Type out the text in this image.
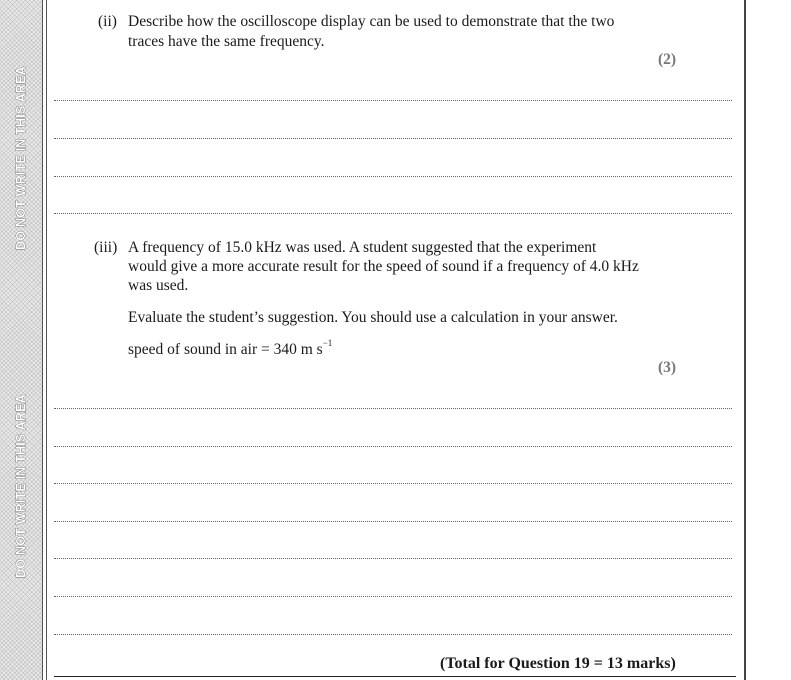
DO NOT WRITE IN THIS AREA
DO NOT WRITE IN THIS AREA
(ii) Describe how the oscilloscope display can be used to demonstrate that the two
traces have the same frequency.
(2)
(iii) A frequency of 15.0 kHz was used. A student suggested that the experiment
would give a more accurate result for the speed of sound if a frequency of 4.0 kHz
was used.
Evaluate the student’s suggestion. You should use a calculation in your answer.
speed of sound in air = 340 m $s^{-1}$
(3)
(Total for Question 19 = 13 marks)
